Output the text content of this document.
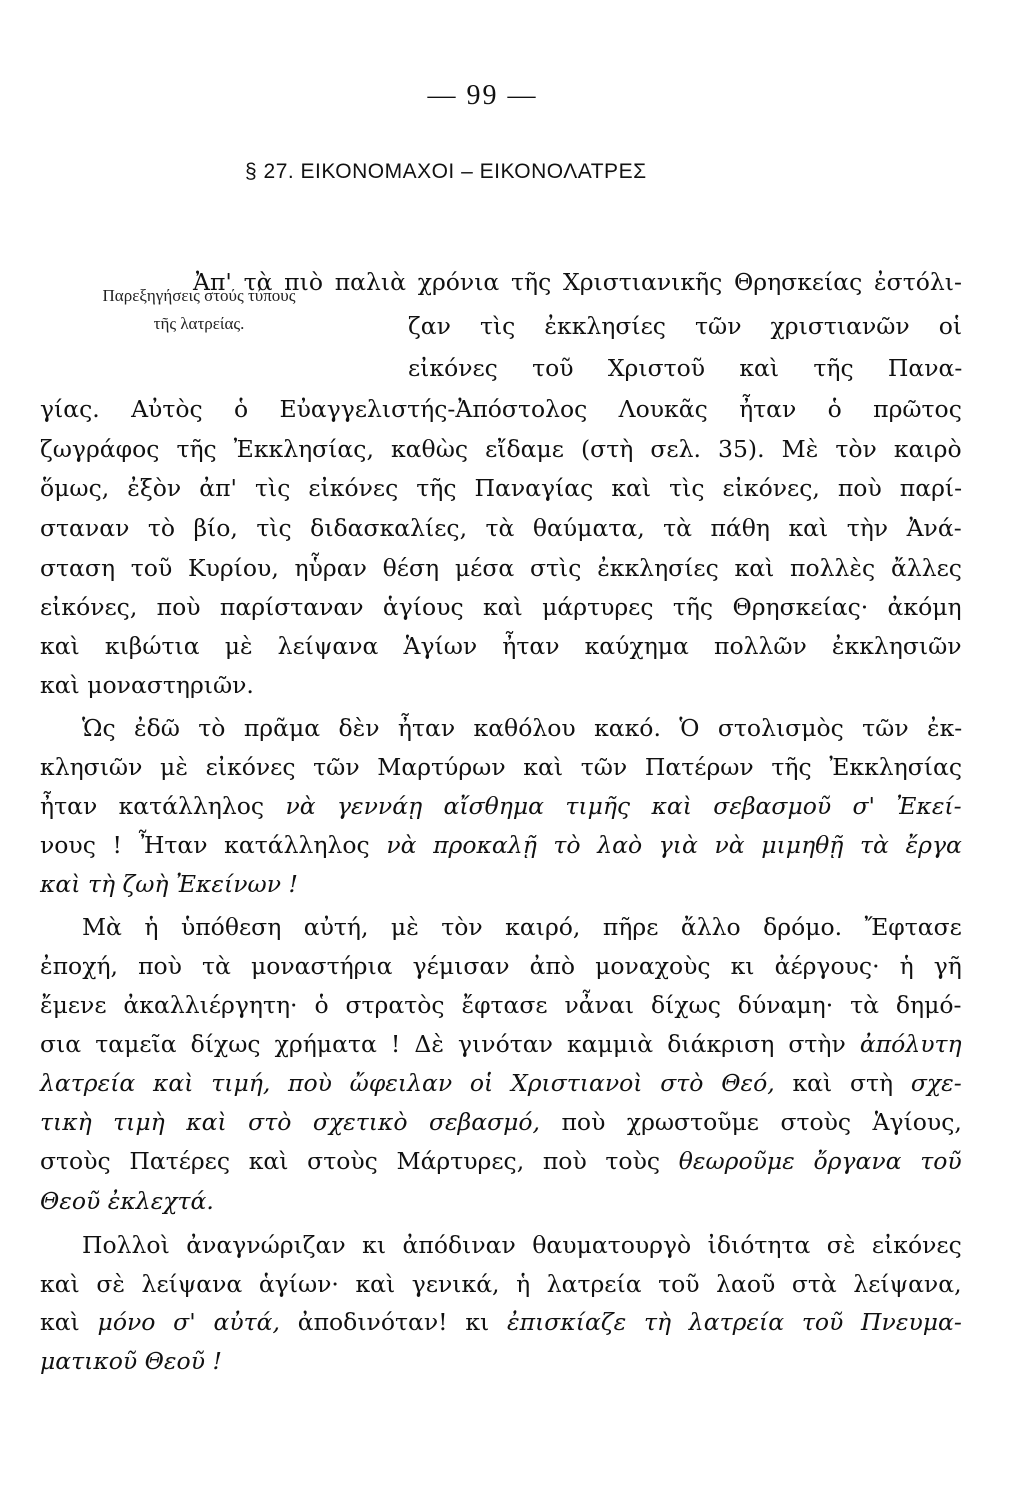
— 99 —
§ 27. ΕΙΚΟΝΟΜΑΧΟΙ – ΕΙΚΟΝΟΛΑΤΡΕΣ
Παρεξηγήσεις στούς τύπους
τῆς λατρείας.
Ἀπ' τὰ πιὸ παλιὰ χρόνια τῆς Χριστιανικῆς Θρησκείας ἐστόλι-
ζαν τὶς ἐκκλησίες τῶν χριστιανῶν οἱ
εἰκόνες τοῦ Χριστοῦ καὶ τῆς Πανα-
γίας. Αὐτὸς ὁ Εὐαγγελιστής-Ἀπόστολος Λουκᾶς ἦταν ὁ πρῶτος
ζωγράφος τῆς Ἐκκλησίας, καθὼς εἴδαμε (στὴ σελ. 35). Μὲ τὸν καιρὸ
ὅμως, ἐξὸν ἀπ' τὶς εἰκόνες τῆς Παναγίας καὶ τὶς εἰκόνες, ποὺ παρί-
σταναν τὸ βίο, τὶς διδασκαλίες, τὰ θαύματα, τὰ πάθη καὶ τὴν Ἀνά-
σταση τοῦ Κυρίου, ηὗραν θέση μέσα στὶς ἐκκλησίες καὶ πολλὲς ἄλλες
εἰκόνες, ποὺ παρίσταναν ἁγίους καὶ μάρτυρες τῆς Θρησκείας· ἀκόμη
καὶ κιβώτια μὲ λείψανα Ἁγίων ἦταν καύχημα πολλῶν ἐκκλησιῶν
καὶ μοναστηριῶν.
Ὡς ἐδῶ τὸ πρᾶμα δὲν ἦταν καθόλου κακό. Ὁ στολισμὸς τῶν ἐκ-
κλησιῶν μὲ εἰκόνες τῶν Μαρτύρων καὶ τῶν Πατέρων τῆς Ἐκκλησίας
ἦταν κατάλληλος νὰ γεννάῃ αἴσθημα τιμῆς καὶ σεβασμοῦ σ' Ἐκεί-
νους ! Ἦταν κατάλληλος νὰ προκαλῇ τὸ λαὸ γιὰ νὰ μιμηθῇ τὰ ἔργα
καὶ τὴ ζωὴ Ἐκείνων !
Μὰ ἡ ὑπόθεση αὐτή, μὲ τὸν καιρό, πῆρε ἄλλο δρόμο. Ἔφτασε
ἐποχή, ποὺ τὰ μοναστήρια γέμισαν ἀπὸ μοναχοὺς κι ἀέργους· ἡ γῆ
ἔμενε ἀκαλλιέργητη· ὁ στρατὸς ἔφτασε νἆναι δίχως δύναμη· τὰ δημό-
σια ταμεῖα δίχως χρήματα ! Δὲ γινόταν καμμιὰ διάκριση στὴν ἀπόλυτη
λατρεία καὶ τιμή, ποὺ ὤφειλαν οἱ Χριστιανοὶ στὸ Θεό, καὶ στὴ σχε-
τικὴ τιμὴ καὶ στὸ σχετικὸ σεβασμό, ποὺ χρωστοῦμε στοὺς Ἁγίους,
στοὺς Πατέρες καὶ στοὺς Μάρτυρες, ποὺ τοὺς θεωροῦμε ὄργανα τοῦ
Θεοῦ ἐκλεχτά.
Πολλοὶ ἀναγνώριζαν κι ἀπόδιναν θαυματουργὸ ἰδιότητα σὲ εἰκόνες
καὶ σὲ λείψανα ἁγίων· καὶ γενικά, ἡ λατρεία τοῦ λαοῦ στὰ λείψανα,
καὶ μόνο σ' αὐτά, ἀποδινόταν! κι ἐπισκίαζε τὴ λατρεία τοῦ Πνευμα-
ματικοῦ Θεοῦ !
